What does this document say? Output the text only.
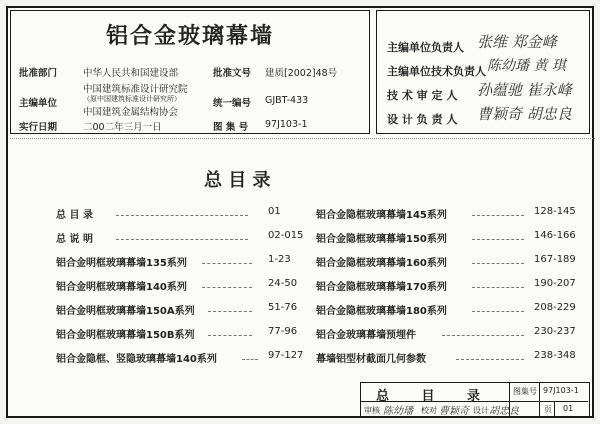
铝合金玻璃幕墙
批准部门	中华人民共和国建设部	批准文号 建质[2002]48号
主编单位
中国建筑标准设计研究院
（原中国建筑标准设计研究所）
中国建筑金属结构协会
统一编号 GJBT-433
实行日期	二00二年三月一日	图 集 号 97J103-1
主编单位负责人 张维 郑金峰
主编单位技术负责人 陈幼璠 黄 琪
技 术 审 定 人 孙蕴驰 崔永峰
设 计 负 责 人 曹颖奇 胡忠良
总 目 录
总 目 录	01
总 说 明	02-015
铝合金明框玻璃幕墙135系列	1-23
铝合金明框玻璃幕墙140系列	24-50
铝合金明框玻璃幕墙150A系列	51-76
铝合金明框玻璃幕墙150B系列	77-96
铝合金隐框、竖隐玻璃幕墙140系列	97-127
铝合金隐框玻璃幕墙145系列	128-145
铝合金隐框玻璃幕墙150系列	146-166
铝合金隐框玻璃幕墙160系列	167-189
铝合金隐框玻璃幕墙170系列	190-207
铝合金隐框玻璃幕墙180系列	208-229
铝合金玻璃幕墙预埋件	230-237
幕墙铝型材截面几何参数	238-348
总 目 录	图集号 97J103-1
审核 陈幼璠 校对 曹颖奇 设计 胡忠良	页	01
